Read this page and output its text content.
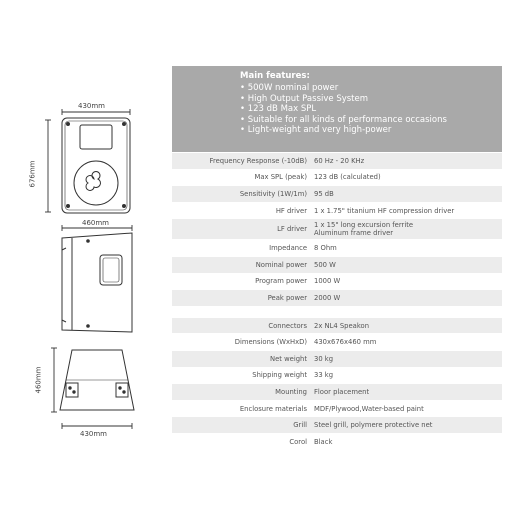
430mm
676mm
460mm
460mm
430mm
Main features:
• 500W nominal power
• High Output Passive System
• 123 dB Max SPL
• Suitable for all kinds of performance occasions
• Light-weight and very high-power
Frequency Response (-10dB) 60 Hz - 20 KHz
Max SPL (peak) 123 dB (calculated)
Sensitivity (1W/1m) 95 dB
HF driver 1 x 1.75" titanium HF compression driver
LF driver 1 x 15" long excursion ferrite
Aluminum frame driver
Impedance 8 Ohm
Nominal power 500 W
Program power 1000 W
Peak power 2000 W
Connectors 2x NL4 Speakon
Dimensions (WxHxD) 430x676x460 mm
Net weight 30 kg
Shipping weight 33 kg
Mounting Floor placement
Enclosure materials MDF/Plywood,Water-based paint
Grill Steel grill, polymere protective net
Corol Black
